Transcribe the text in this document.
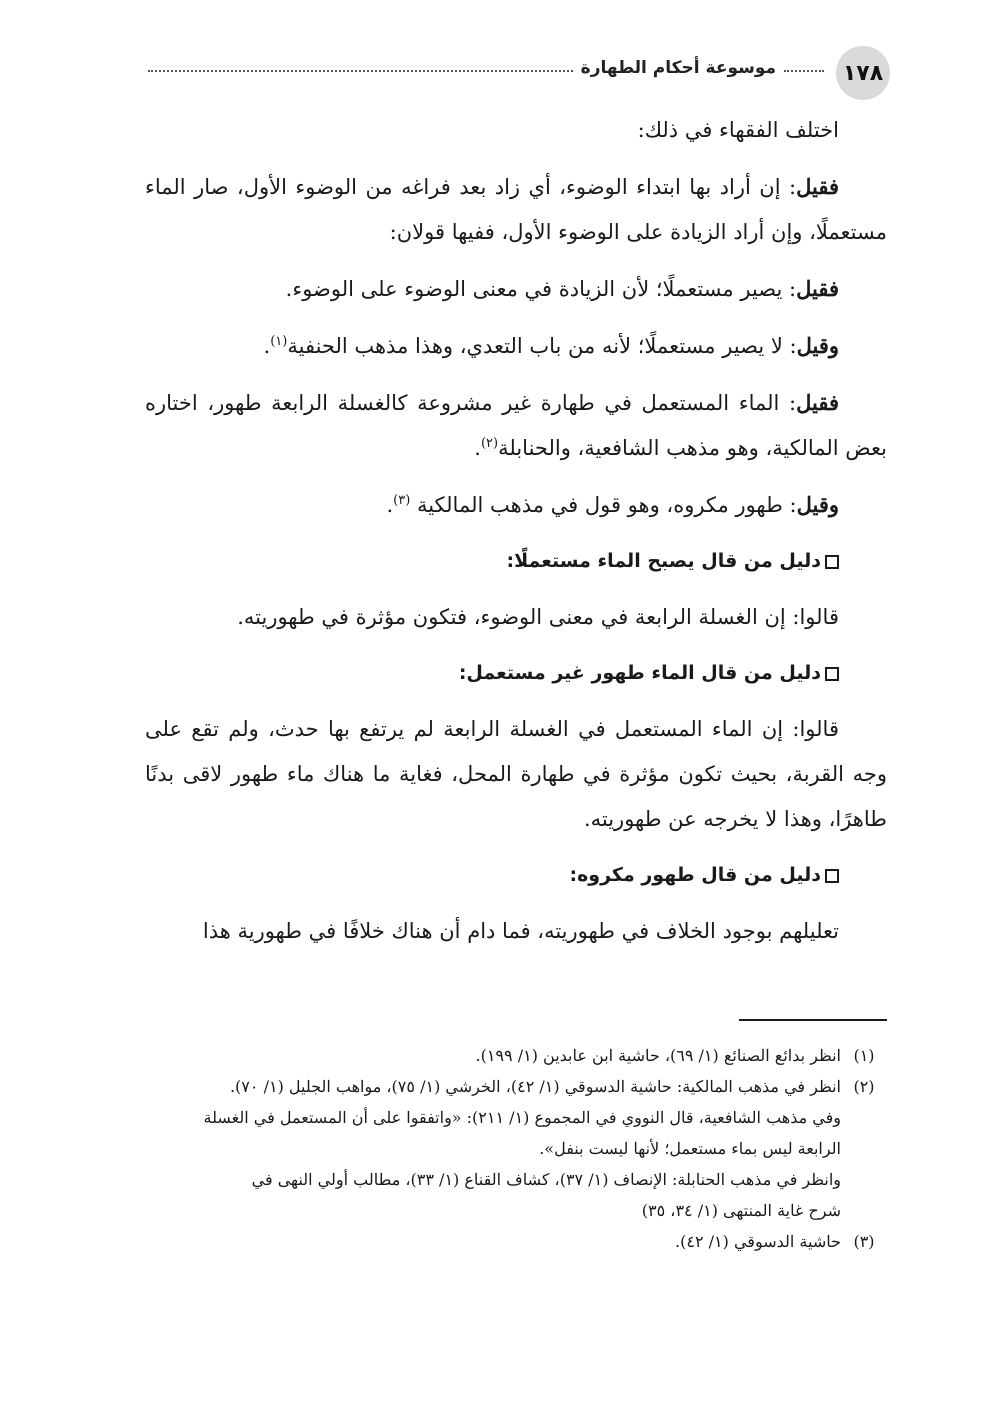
١٧٨
موسوعة أحكام الطهارة

اختلف الفقهاء في ذلك:

فقيل: إن أراد بها ابتداء الوضوء، أي زاد بعد فراغه من الوضوء الأول، صار الماء مستعملًا، وإن أراد الزيادة على الوضوء الأول، ففيها قولان:

فقيل: يصير مستعملًا؛ لأن الزيادة في معنى الوضوء على الوضوء.

وقيل: لا يصير مستعملًا؛ لأنه من باب التعدي، وهذا مذهب الحنفية$^{(١)}$.

فقيل: الماء المستعمل في طهارة غير مشروعة كالغسلة الرابعة طهور، اختاره بعض المالكية، وهو مذهب الشافعية، والحنابلة$^{(٢)}$.

وقيل: طهور مكروه، وهو قول في مذهب المالكية $^{(٣)}$.

دليل من قال يصبح الماء مستعملًا:

قالوا: إن الغسلة الرابعة في معنى الوضوء، فتكون مؤثرة في طهوريته.

دليل من قال الماء طهور غير مستعمل:

قالوا: إن الماء المستعمل في الغسلة الرابعة لم يرتفع بها حدث، ولم تقع على وجه القربة، بحيث تكون مؤثرة في طهارة المحل، فغاية ما هناك ماء طهور لاقى بدنًا طاهرًا، وهذا لا يخرجه عن طهوريته.

دليل من قال طهور مكروه:

تعليلهم بوجود الخلاف في طهوريته، فما دام أن هناك خلافًا في طهورية هذا

(١)
انظر بدائع الصنائع (١/ ٦٩)، حاشية ابن عابدين (١/ ١٩٩).
(٢)
انظر في مذهب المالكية: حاشية الدسوقي (١/ ٤٢)، الخرشي (١/ ٧٥)، مواهب الجليل (١/ ٧٠).
وفي مذهب الشافعية، قال النووي في المجموع (١/ ٢١١): «واتفقوا على أن المستعمل في الغسلة
الرابعة ليس بماء مستعمل؛ لأنها ليست بنفل».
وانظر في مذهب الحنابلة: الإنصاف (١/ ٣٧)، كشاف القناع (١/ ٣٣)، مطالب أولي النهى في
شرح غاية المنتهى (١/ ٣٤، ٣٥)
(٣)
حاشية الدسوقي (١/ ٤٢).
